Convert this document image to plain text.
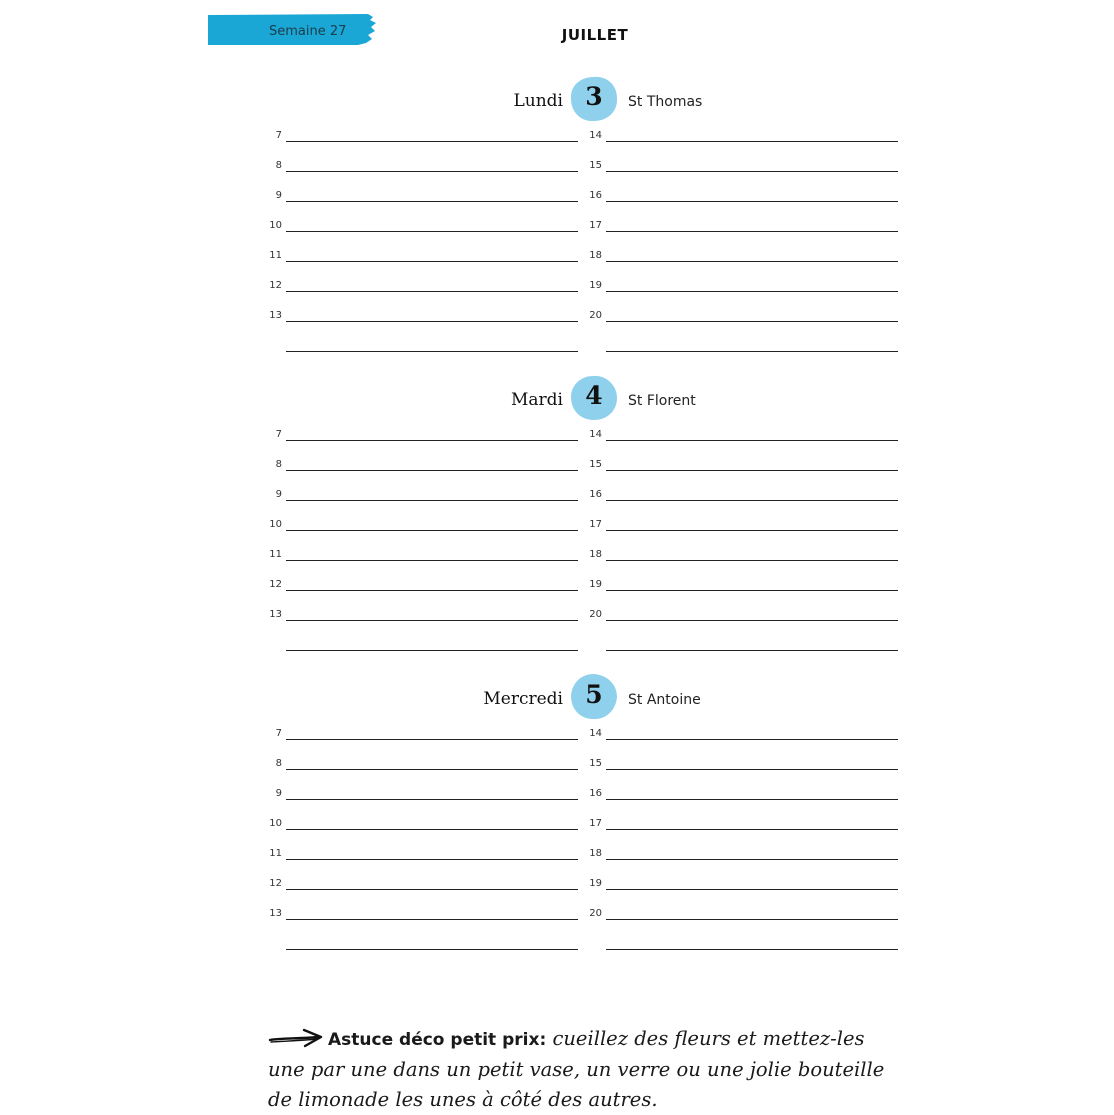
Semaine 27	JUILLET
Lundi 3	St Thomas
7	14
8	15
9	16
10	17
11	18
12	19
13	20
Mardi 4	St Florent
7	14
8	15
9	16
10	17
11	18
12	19
13	20
Mercredi 5	St Antoine
7	14
8	15
9	16
10	17
11	18
12	19
13	20
Astuce déco petit prix: cueillez des fleurs et mettez-les une par une dans un petit vase, un verre ou une jolie bouteille de limonade les unes à côté des autres.
